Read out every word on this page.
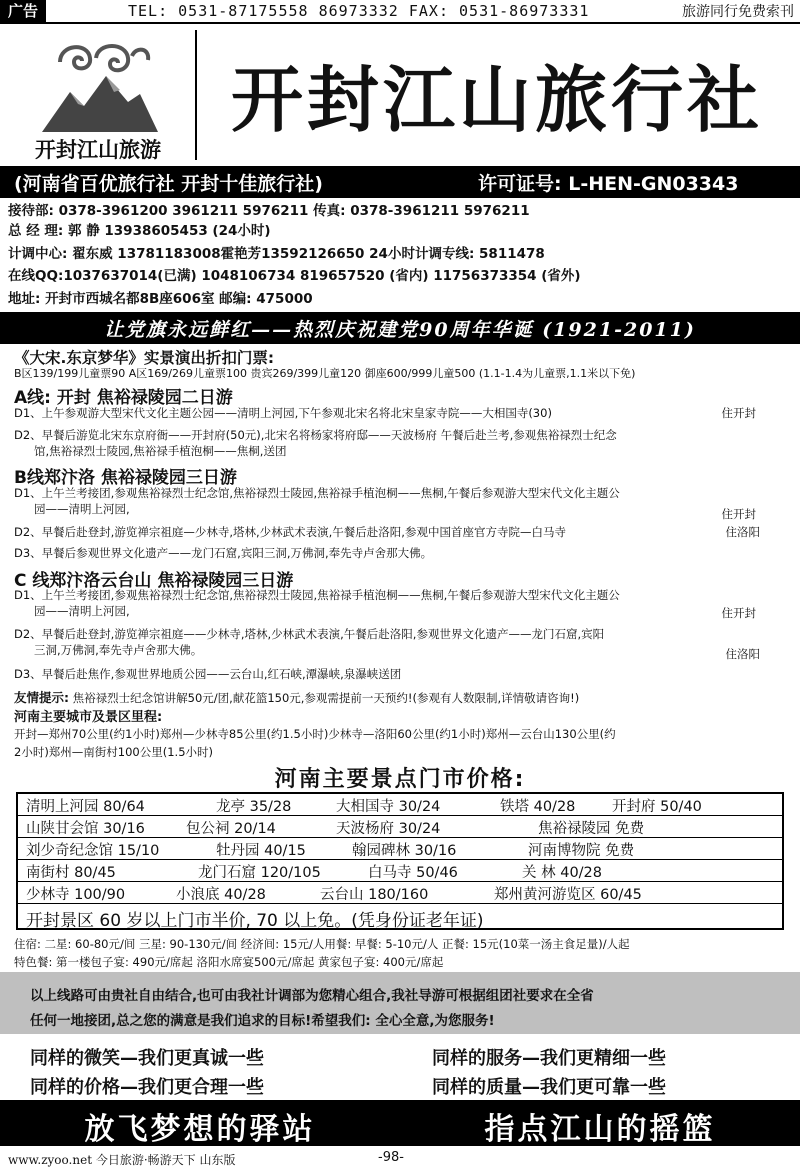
广告	TEL: 0531-87175558 86973332 FAX: 0531-86973331	旅游同行免费索刊
开封江山旅游
开封江山旅行社
(河南省百优旅行社 开封十佳旅行社)	许可证号: L-HEN-GN03343
接待部: 0378-3961200 3961211 5976211 传真: 0378-3961211 5976211
总 经 理: 郭 静 13938605453 (24小时)
计调中心: 翟东威 13781183008霍艳芳13592126650 24小时计调专线: 5811478
在线QQ:1037637014(已满) 1048106734 819657520 (省内) 11756373354 (省外)
地址: 开封市西城名都8B座606室 邮编: 475000
让党旗永远鲜红——热烈庆祝建党90周年华诞 (1921-2011)
《大宋.东京梦华》实景演出折扣门票:
B区139/199儿童票90 A区169/269儿童票100 贵宾269/399儿童120 御座600/999儿童500 (1.1-1.4为儿童票,1.1米以下免)
A线: 开封 焦裕禄陵园二日游
D1、上午参观游大型宋代文化主题公园——清明上河园,下午参观北宋名将北宋皇家寺院——大相国寺(30)	住开封
D2、早餐后游览北宋东京府衙——开封府(50元),北宋名将杨家将府邸——天波杨府 午餐后赴兰考,参观焦裕禄烈士纪念
馆,焦裕禄烈士陵园,焦裕禄手植泡桐——焦桐,送团
B线郑汴洛 焦裕禄陵园三日游
D1、上午兰考接团,参观焦裕禄烈士纪念馆,焦裕禄烈士陵园,焦裕禄手植泡桐——焦桐,午餐后参观游大型宋代文化主题公
园——清明上河园,	住开封
D2、早餐后赴登封,游览禅宗祖庭—少林寺,塔林,少林武术表演,午餐后赴洛阳,参观中国首座官方寺院—白马寺	住洛阳
D3、早餐后参观世界文化遗产——龙门石窟,宾阳三洞,万佛洞,奉先寺卢舍那大佛。
C 线郑汴洛云台山 焦裕禄陵园三日游
D1、上午兰考接团,参观焦裕禄烈士纪念馆,焦裕禄烈士陵园,焦裕禄手植泡桐——焦桐,午餐后参观游大型宋代文化主题公
园——清明上河园,	住开封
D2、早餐后赴登封,游览禅宗祖庭——少林寺,塔林,少林武术表演,午餐后赴洛阳,参观世界文化遗产——龙门石窟,宾阳
三洞,万佛洞,奉先寺卢舍那大佛。	住洛阳
D3、早餐后赴焦作,参观世界地质公园——云台山,红石峡,潭瀑峡,泉瀑峡送团
友情提示: 焦裕禄烈士纪念馆讲解50元/团,献花篮150元,参观需提前一天预约!(参观有人数限制,详情敬请咨询!)
河南主要城市及景区里程:
开封—郑州70公里(约1小时)郑州—少林寺85公里(约1.5小时)少林寺—洛阳60公里(约1小时)郑州—云台山130公里(约
2小时)郑州—南街村100公里(1.5小时)
河南主要景点门市价格:
清明上河园 80/64	龙亭 35/28	大相国寺 30/24	铁塔 40/28	开封府 50/40
山陕甘会馆 30/16	包公祠 20/14	天波杨府 30/24	焦裕禄陵园 免费
刘少奇纪念馆 15/10	牡丹园 40/15	翰园碑林 30/16	河南博物院 免费
南街村 80/45	龙门石窟 120/105	白马寺 50/46	关 林 40/28
少林寺 100/90	小浪底 40/28	云台山 180/160	郑州黄河游览区 60/45
开封景区 60 岁以上门市半价, 70 以上免。(凭身份证老年证)
住宿: 二星: 60-80元/间 三星: 90-130元/间 经济间: 15元/人用餐: 早餐: 5-10元/人 正餐: 15元(10菜一汤主食足量)/人起
特色餐: 第一楼包子宴: 490元/席起 洛阳水席宴500元/席起 黄家包子宴: 400元/席起
以上线路可由贵社自由结合,也可由我社计调部为您精心组合,我社导游可根据组团社要求在全省
任何一地接团,总之您的满意是我们追求的目标!希望我们: 全心全意,为您服务!
同样的微笑—我们更真诚一些	同样的服务—我们更精细一些
同样的价格—我们更合理一些	同样的质量—我们更可靠一些
放飞梦想的驿站	指点江山的摇篮
www.zyoo.net 今日旅游·畅游天下 山东版	-98-
